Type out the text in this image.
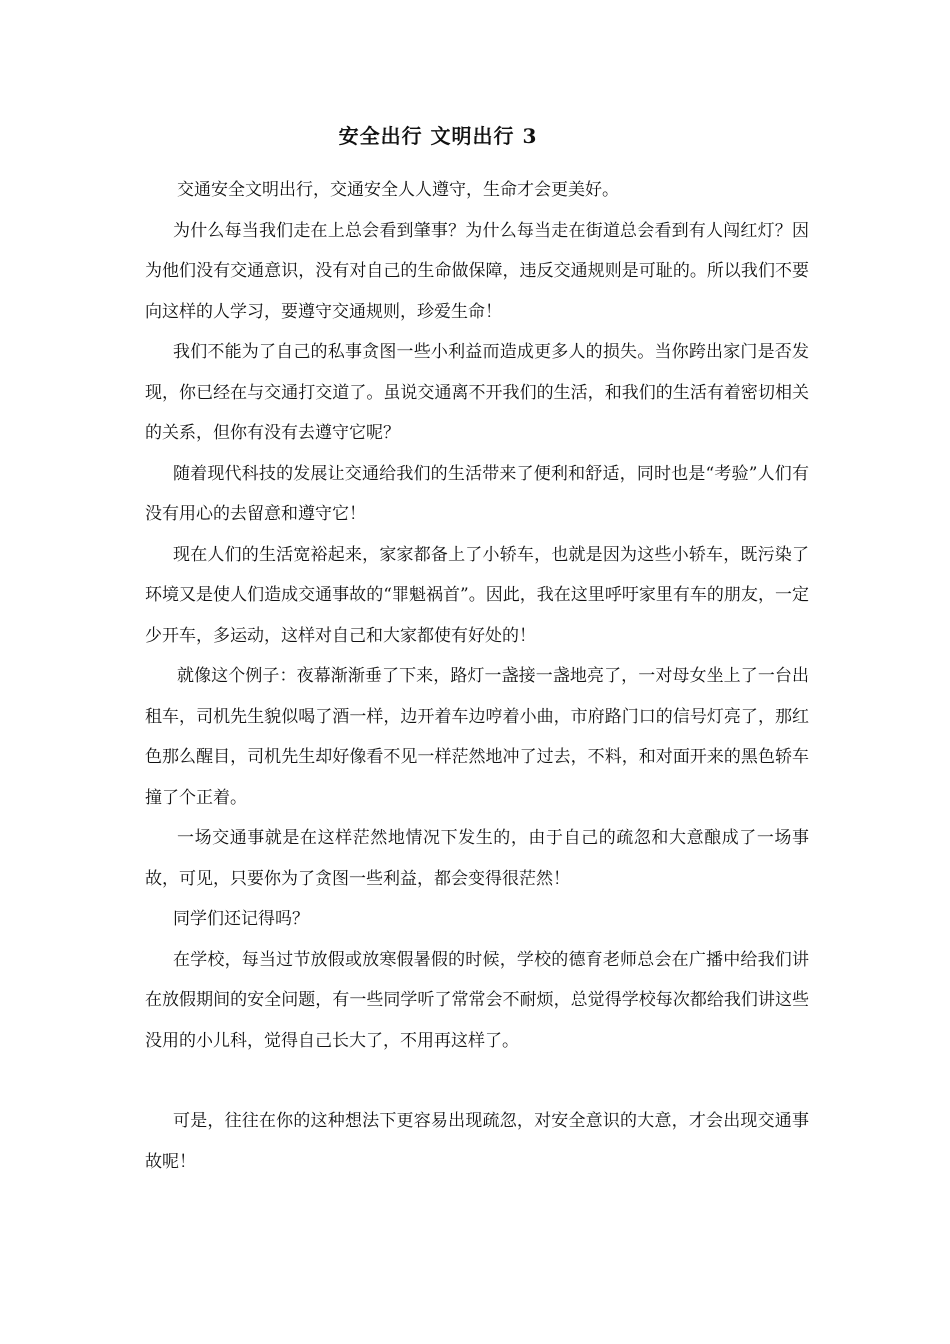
安全出行 文明出行 3

交通安全文明出行，交通安全人人遵守，生命才会更美好。

为什么每当我们走在上总会看到肇事？为什么每当走在街道总会看到有人闯红灯？因为他们没有交通意识，没有对自己的生命做保障，违反交通规则是可耻的。所以我们不要向这样的人学习，要遵守交通规则，珍爱生命！

我们不能为了自己的私事贪图一些小利益而造成更多人的损失。当你跨出家门是否发现，你已经在与交通打交道了。虽说交通离不开我们的生活，和我们的生活有着密切相关的关系，但你有没有去遵守它呢？

随着现代科技的发展让交通给我们的生活带来了便利和舒适，同时也是“考验”人们有没有用心的去留意和遵守它！

现在人们的生活宽裕起来，家家都备上了小轿车，也就是因为这些小轿车，既污染了环境又是使人们造成交通事故的“罪魁祸首”。因此，我在这里呼吁家里有车的朋友，一定少开车，多运动，这样对自己和大家都使有好处的！

就像这个例子：夜幕渐渐垂了下来，路灯一盏接一盏地亮了，一对母女坐上了一台出租车，司机先生貌似喝了酒一样，边开着车边哼着小曲，市府路门口的信号灯亮了，那红色那么醒目，司机先生却好像看不见一样茫然地冲了过去，不料，和对面开来的黑色轿车撞了个正着。

一场交通事就是在这样茫然地情况下发生的，由于自己的疏忽和大意酿成了一场事故，可见，只要你为了贪图一些利益，都会变得很茫然！

同学们还记得吗？

在学校，每当过节放假或放寒假暑假的时候，学校的德育老师总会在广播中给我们讲在放假期间的安全问题，有一些同学听了常常会不耐烦，总觉得学校每次都给我们讲这些没用的小儿科，觉得自己长大了，不用再这样了。

可是，往往在你的这种想法下更容易出现疏忽，对安全意识的大意，才会出现交通事故呢！
